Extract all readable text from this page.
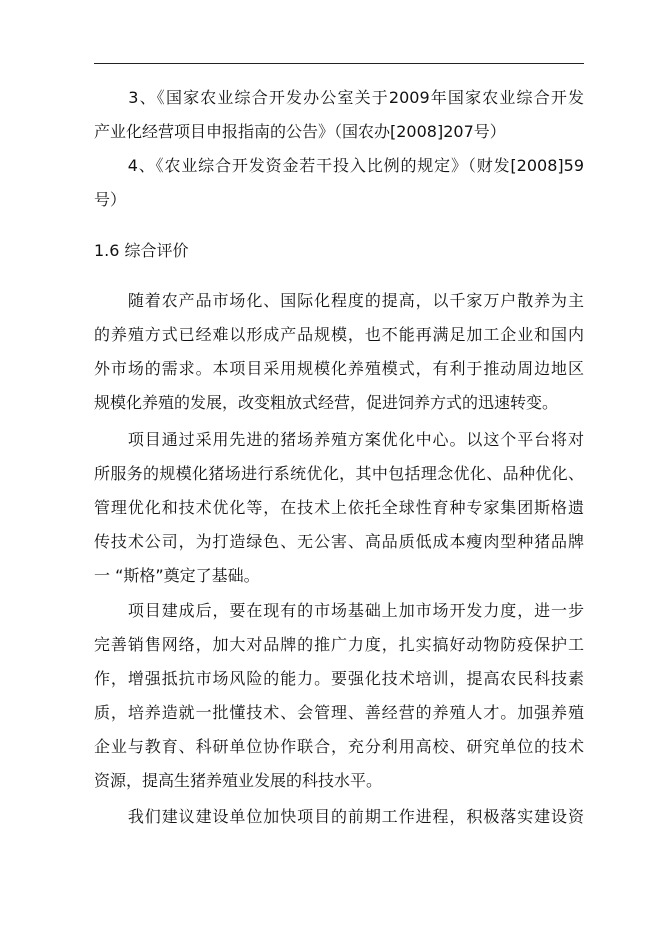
　　3、《国家农业综合开发办公室关于2009年国家农业综合开发
产业化经营项目申报指南的公告》（国农办[2008]207号）
　　4、《农业综合开发资金若干投入比例的规定》（财发[2008]59
号）
1.6 综合评价
　　随着农产品市场化、国际化程度的提高，以千家万户散养为主
的养殖方式已经难以形成产品规模，也不能再满足加工企业和国内
外市场的需求。本项目采用规模化养殖模式，有利于推动周边地区
规模化养殖的发展，改变粗放式经营，促进饲养方式的迅速转变。
　　项目通过采用先进的猪场养殖方案优化中心。以这个平台将对
所服务的规模化猪场进行系统优化，其中包括理念优化、品种优化、
管理优化和技术优化等，在技术上依托全球性育种专家集团斯格遗
传技术公司，为打造绿色、无公害、高品质低成本瘦肉型种猪品牌
一 “斯格”奠定了基础。
　　项目建成后，要在现有的市场基础上加市场开发力度，进一步
完善销售网络，加大对品牌的推广力度，扎实搞好动物防疫保护工
作，增强抵抗市场风险的能力。要强化技术培训，提高农民科技素
质，培养造就一批懂技术、会管理、善经营的养殖人才。加强养殖
企业与教育、科研单位协作联合，充分利用高校、研究单位的技术
资源，提高生猪养殖业发展的科技水平。
　　我们建议建设单位加快项目的前期工作进程，积极落实建设资
